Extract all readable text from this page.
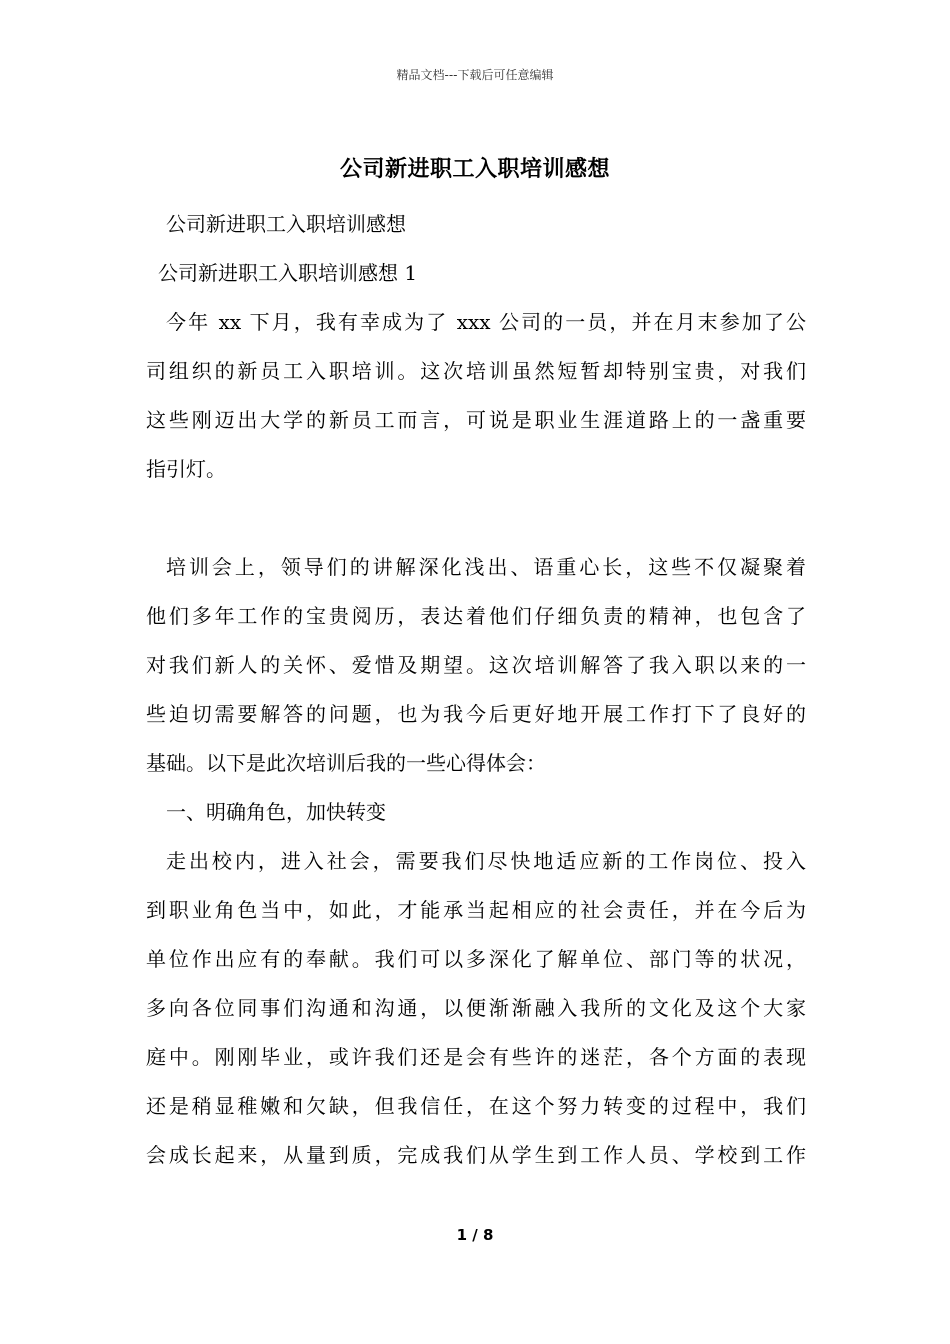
精品文档---下载后可任意编辑
公司新进职工入职培训感想
公司新进职工入职培训感想
公司新进职工入职培训感想 1
今年 xx 下月，我有幸成为了 xxx 公司的一员，并在月末参加了公
司组织的新员工入职培训。这次培训虽然短暂却特别宝贵，对我们
这些刚迈出大学的新员工而言，可说是职业生涯道路上的一盏重要
指引灯。
培训会上，领导们的讲解深化浅出、语重心长，这些不仅凝聚着
他们多年工作的宝贵阅历，表达着他们仔细负责的精神，也包含了
对我们新人的关怀、爱惜及期望。这次培训解答了我入职以来的一
些迫切需要解答的问题，也为我今后更好地开展工作打下了良好的
基础。以下是此次培训后我的一些心得体会：
一、明确角色，加快转变
走出校内，进入社会，需要我们尽快地适应新的工作岗位、投入
到职业角色当中，如此，才能承当起相应的社会责任，并在今后为
单位作出应有的奉献。我们可以多深化了解单位、部门等的状况，
多向各位同事们沟通和沟通，以便渐渐融入我所的文化及这个大家
庭中。刚刚毕业，或许我们还是会有些许的迷茫，各个方面的表现
还是稍显稚嫩和欠缺，但我信任，在这个努力转变的过程中，我们
会成长起来，从量到质，完成我们从学生到工作人员、学校到工作
1 / 8
